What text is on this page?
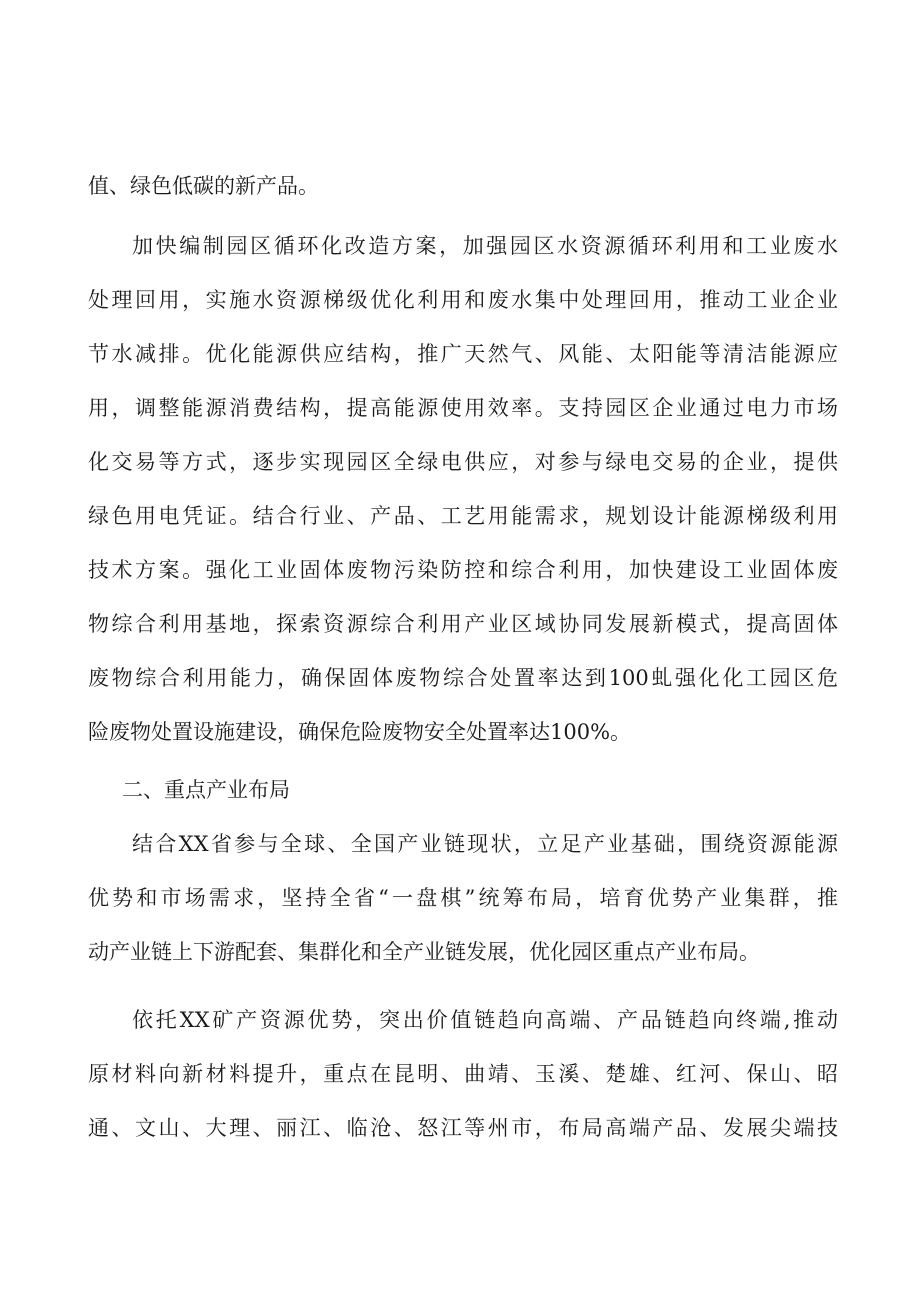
值、绿色低碳的新产品。
加快编制园区循环化改造方案，加强园区水资源循环利用和工业废水
处理回用，实施水资源梯级优化利用和废水集中处理回用，推动工业企业
节水减排。优化能源供应结构，推广天然气、风能、太阳能等清洁能源应
用，调整能源消费结构，提高能源使用效率。支持园区企业通过电力市场
化交易等方式，逐步实现园区全绿电供应，对参与绿电交易的企业，提供
绿色用电凭证。结合行业、产品、工艺用能需求，规划设计能源梯级利用
技术方案。强化工业固体废物污染防控和综合利用，加快建设工业固体废
物综合利用基地，探索资源综合利用产业区域协同发展新模式，提高固体
废物综合利用能力，确保固体废物综合处置率达到100虬强化化工园区危
险废物处置设施建设，确保危险废物安全处置率达100%。
二、重点产业布局
结合XX省参与全球、全国产业链现状，立足产业基础，围绕资源能源
优势和市场需求，坚持全省“一盘棋”统筹布局，培育优势产业集群，推
动产业链上下游配套、集群化和全产业链发展，优化园区重点产业布局。
依托XX矿产资源优势，突出价值链趋向高端、产品链趋向终端,推动
原材料向新材料提升，重点在昆明、曲靖、玉溪、楚雄、红河、保山、昭
通、文山、大理、丽江、临沧、怒江等州市，布局高端产品、发展尖端技
